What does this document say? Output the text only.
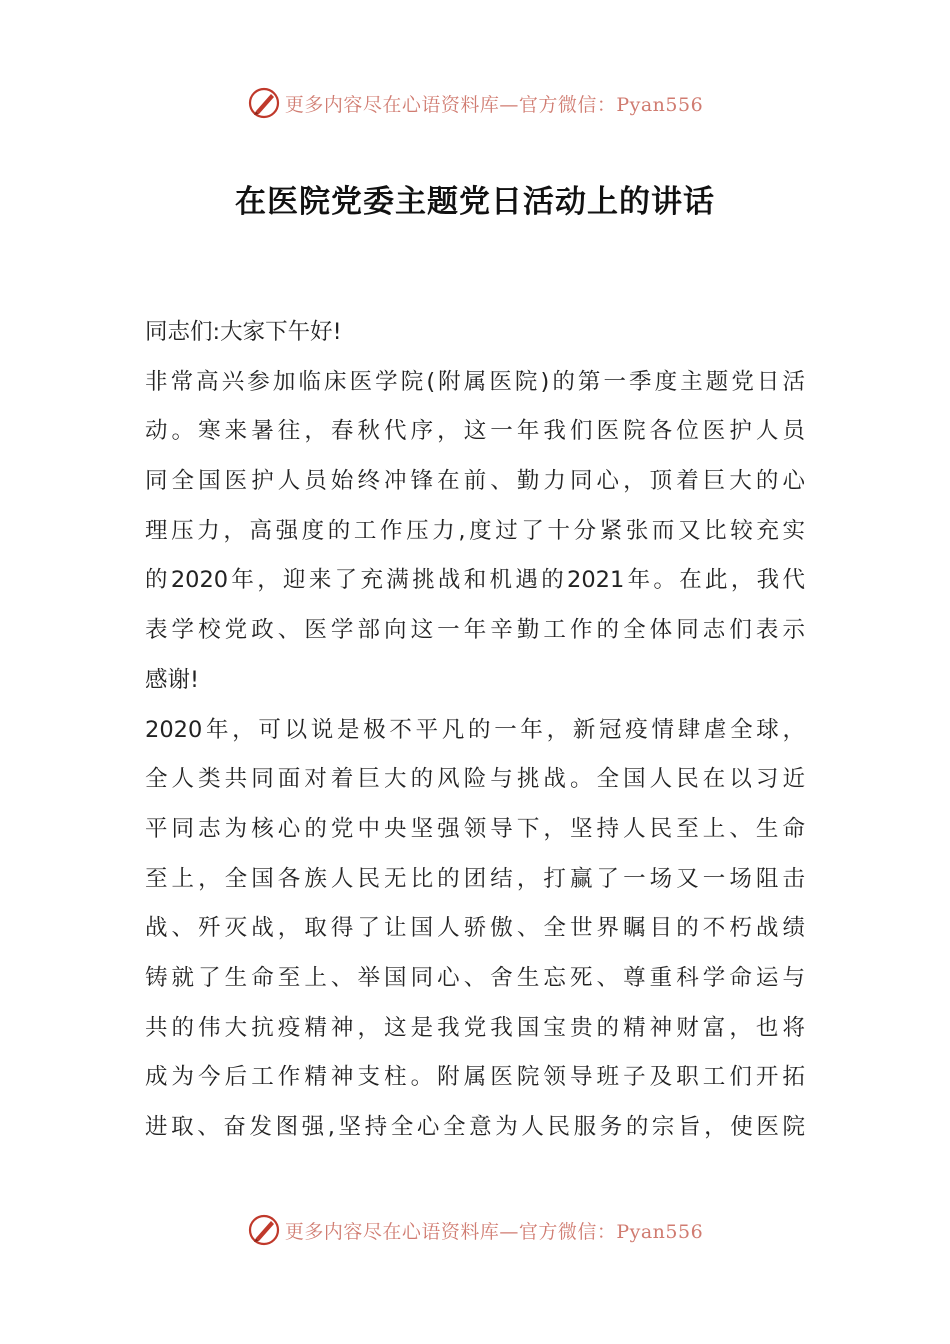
更多内容尽在心语资料库—官方微信：Pyan556
在医院党委主题党日活动上的讲话
同志们:大家下午好!
非常高兴参加临床医学院(附属医院)的第一季度主题党日活
动。寒来暑往，春秋代序，这一年我们医院各位医护人员
同全国医护人员始终冲锋在前、勤力同心，顶着巨大的心
理压力，高强度的工作压力,度过了十分紧张而又比较充实
的2020年，迎来了充满挑战和机遇的2021年。在此，我代
表学校党政、医学部向这一年辛勤工作的全体同志们表示
感谢!
2020年，可以说是极不平凡的一年，新冠疫情肆虐全球，
全人类共同面对着巨大的风险与挑战。全国人民在以习近
平同志为核心的党中央坚强领导下，坚持人民至上、生命
至上，全国各族人民无比的团结，打赢了一场又一场阻击
战、歼灭战，取得了让国人骄傲、全世界瞩目的不朽战绩
铸就了生命至上、举国同心、舍生忘死、尊重科学命运与
共的伟大抗疫精神，这是我党我国宝贵的精神财富，也将
成为今后工作精神支柱。附属医院领导班子及职工们开拓
进取、奋发图强,坚持全心全意为人民服务的宗旨，使医院
更多内容尽在心语资料库—官方微信：Pyan556
